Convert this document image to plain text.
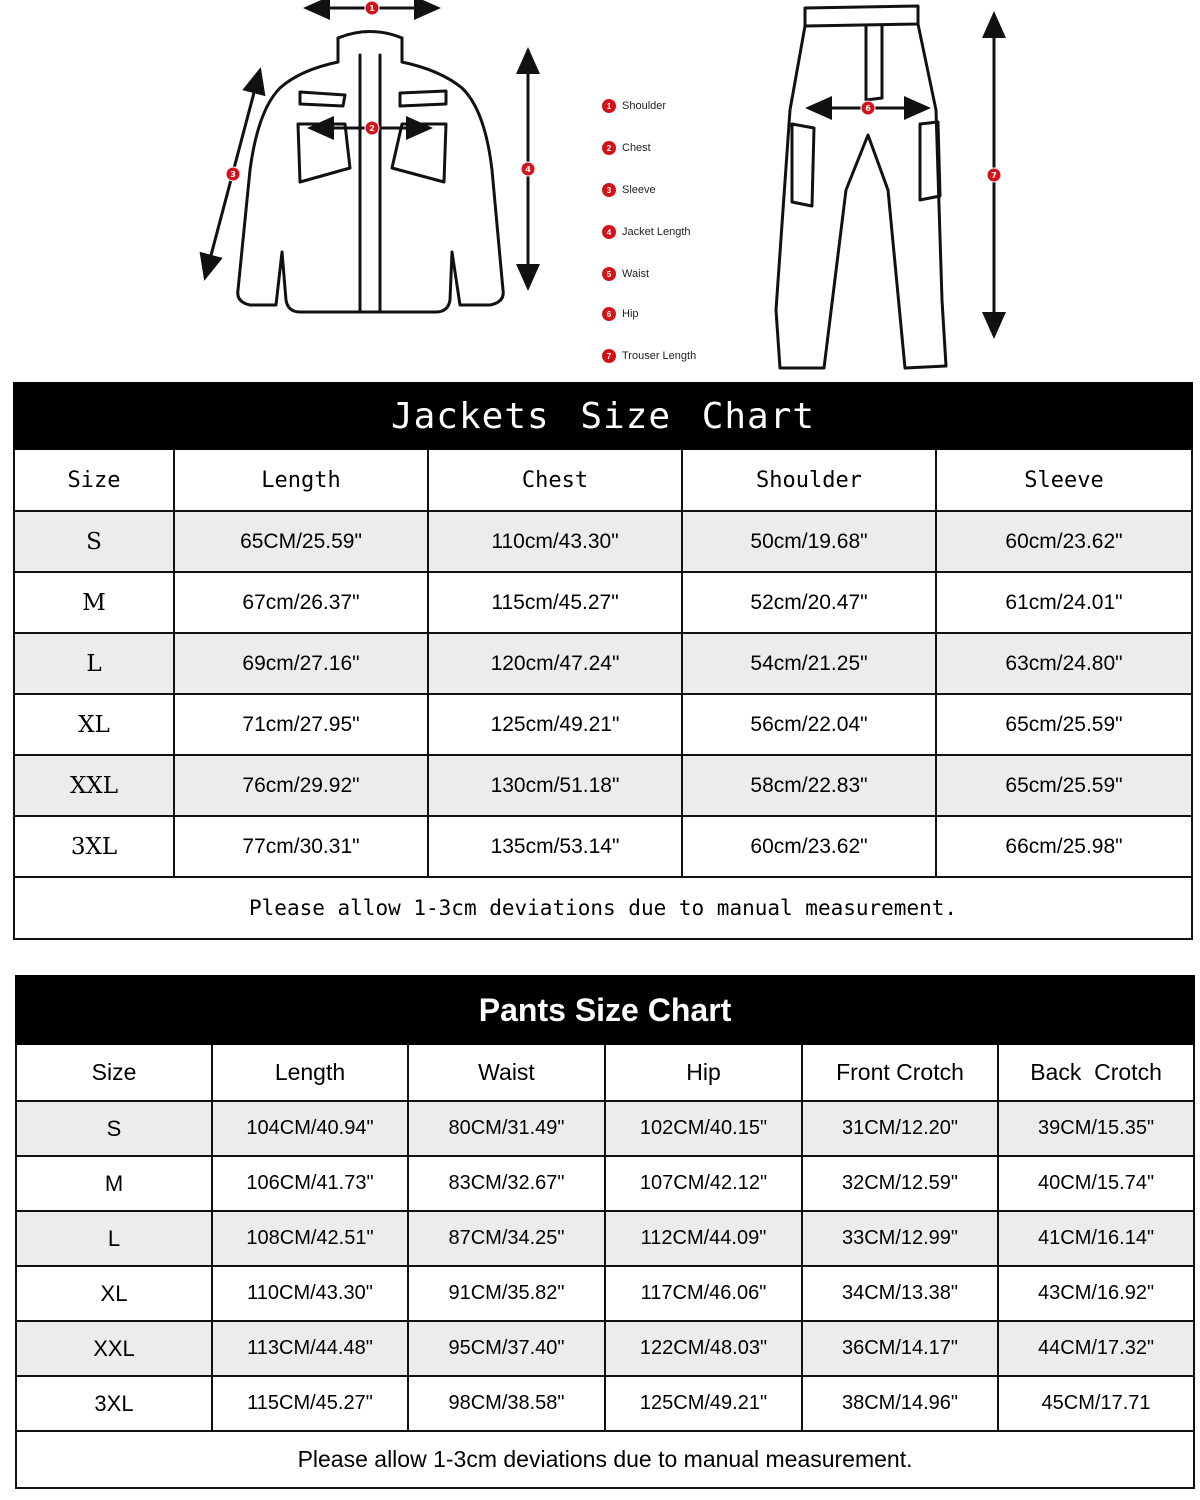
1
2
3
4
6
7
1 Shoulder
2 Chest
3 Sleeve
4 Jacket Length
5 Waist
6 Hip
7 Trouser Length
Jackets Size Chart				
Size	Length	Chest	Shoulder	Sleeve
S	65CM/25.59"	110cm/43.30"	50cm/19.68"	60cm/23.62"
M	67cm/26.37"	115cm/45.27"	52cm/20.47"	61cm/24.01"
L	69cm/27.16"	120cm/47.24"	54cm/21.25"	63cm/24.80"
XL	71cm/27.95"	125cm/49.21"	56cm/22.04"	65cm/25.59"
XXL	76cm/29.92"	130cm/51.18"	58cm/22.83"	65cm/25.59"
3XL	77cm/30.31"	135cm/53.14"	60cm/23.62"	66cm/25.98"
Please allow 1-3cm deviations due to manual measurement.				
Pants Size Chart					
Size	Length	Waist	Hip	Front Crotch	Back  Crotch
S	104CM/40.94"	80CM/31.49"	102CM/40.15"	31CM/12.20"	39CM/15.35"
M	106CM/41.73"	83CM/32.67"	107CM/42.12"	32CM/12.59"	40CM/15.74"
L	108CM/42.51"	87CM/34.25"	112CM/44.09"	33CM/12.99"	41CM/16.14"
XL	110CM/43.30"	91CM/35.82"	117CM/46.06"	34CM/13.38"	43CM/16.92"
XXL	113CM/44.48"	95CM/37.40"	122CM/48.03"	36CM/14.17"	44CM/17.32"
3XL	115CM/45.27"	98CM/38.58"	125CM/49.21"	38CM/14.96"	45CM/17.71
Please allow 1-3cm deviations due to manual measurement.					
